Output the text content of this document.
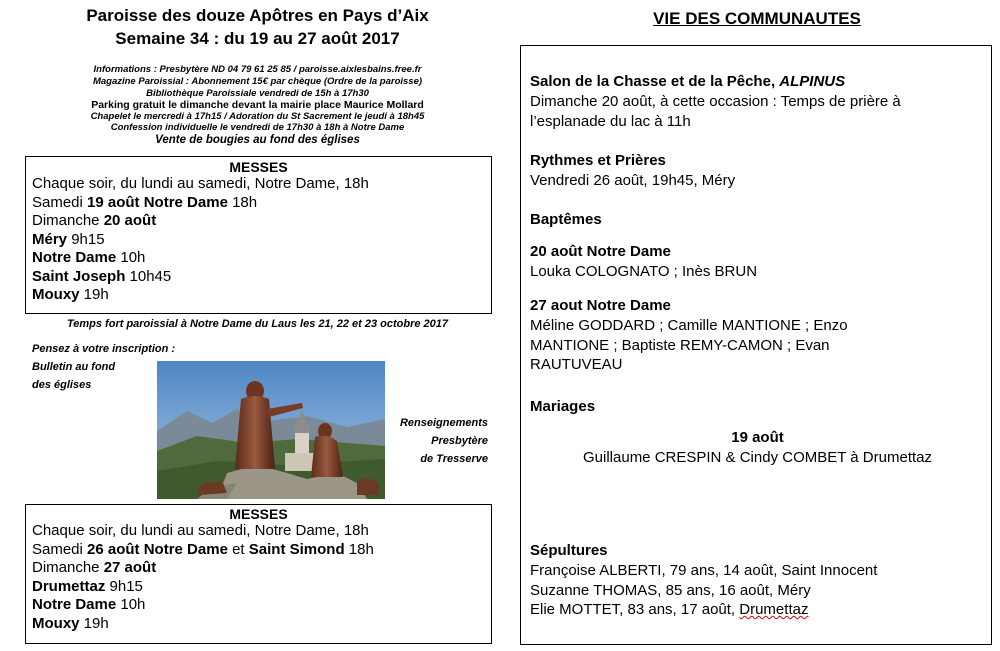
Paroisse des douze Apôtres en Pays d’Aix
Semaine 34 : du 19 au 27 août 2017
Informations : Presbytère ND 04 79 61 25 85 / paroisse.aixlesbains.free.fr
Magazine Paroissial : Abonnement 15€ par chèque (Ordre de la paroisse)
Bibliothèque Paroissiale vendredi de 15h à 17h30
Parking gratuit le dimanche devant la mairie place Maurice Mollard
Chapelet le mercredi à 17h15 / Adoration du St Sacrement le jeudi à 18h45
Confession individuelle le vendredi de 17h30 à 18h à Notre Dame
Vente de bougies au fond des églises
MESSES
Chaque soir, du lundi au samedi, Notre Dame, 18h
Samedi 19 août Notre Dame 18h
Dimanche 20 août
Méry 9h15
Notre Dame 10h
Saint Joseph 10h45
Mouxy 19h
Temps fort paroissial à Notre Dame du Laus les 21, 22 et 23 octobre 2017
Pensez à votre inscription :
Bulletin au fond
des églises
Renseignements
Presbytère
de Tresserve
MESSES
Chaque soir, du lundi au samedi, Notre Dame, 18h
Samedi 26 août Notre Dame et Saint Simond 18h
Dimanche 27 août
Drumettaz 9h15
Notre Dame 10h
Mouxy 19h
VIE DES COMMUNAUTES
Salon de la Chasse et de la Pêche, ALPINUS
Dimanche 20 août, à cette occasion : Temps de prière à
l’esplanade du lac à 11h
Rythmes et Prières
Vendredi 26 août, 19h45, Méry
Baptêmes
20 août Notre Dame
Louka COLOGNATO ; Inès BRUN
27 aout Notre Dame
Méline GODDARD ; Camille MANTIONE ; Enzo
MANTIONE ; Baptiste REMY-CAMON ; Evan
RAUTUVEAU
Mariages
19 août
Guillaume CRESPIN & Cindy COMBET à Drumettaz
Sépultures
Françoise ALBERTI, 79 ans, 14 août, Saint Innocent
Suzanne THOMAS, 85 ans, 16 août, Méry
Elie MOTTET, 83 ans, 17 août, Drumettaz
